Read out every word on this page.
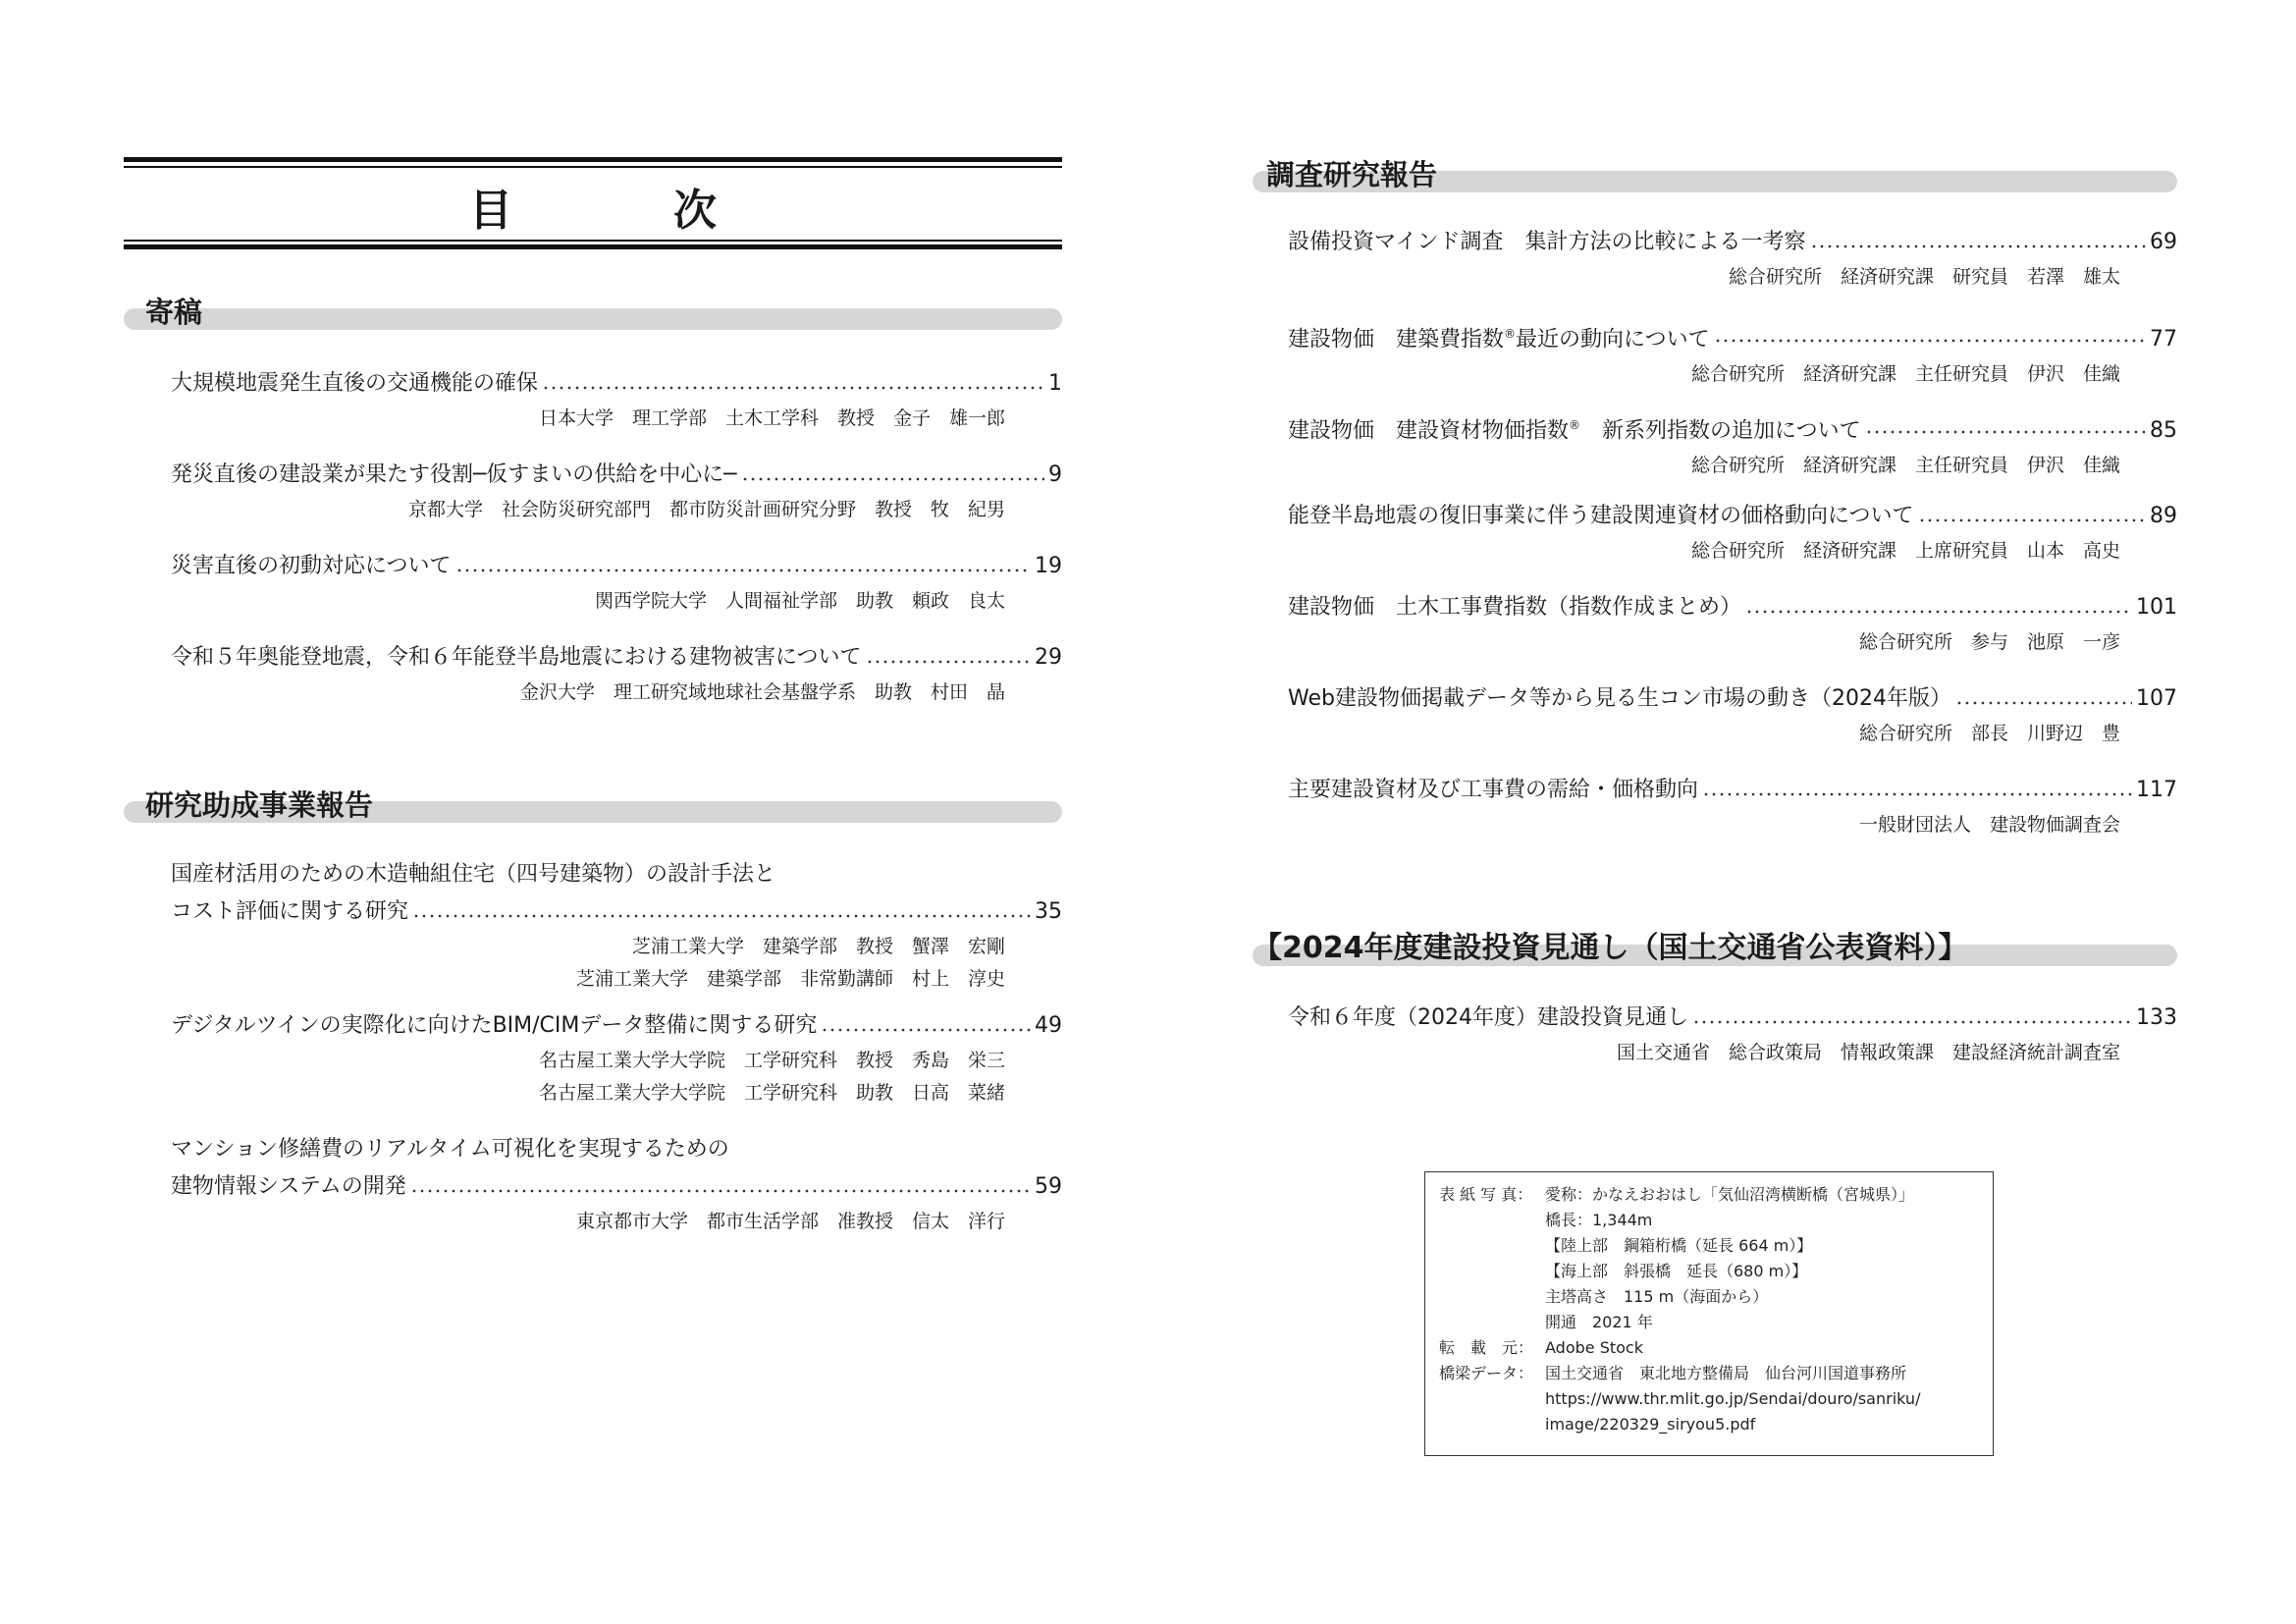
目　次
寄稿
大規模地震発生直後の交通機能の確保	1
日本大学　理工学部　土木工学科　教授　金子　雄一郎
発災直後の建設業が果たす役割─仮すまいの供給を中心に─	9
京都大学　社会防災研究部門　都市防災計画研究分野　教授　牧　紀男
災害直後の初動対応について	19
関西学院大学　人間福祉学部　助教　頼政　良太
令和５年奥能登地震，令和６年能登半島地震における建物被害について	29
金沢大学　理工研究域地球社会基盤学系　助教　村田　晶
研究助成事業報告
国産材活用のための木造軸組住宅（四号建築物）の設計手法と
コスト評価に関する研究	35
芝浦工業大学　建築学部　教授　蟹澤　宏剛
芝浦工業大学　建築学部　非常勤講師　村上　淳史
デジタルツインの実際化に向けたBIM/CIMデータ整備に関する研究	49
名古屋工業大学大学院　工学研究科　教授　秀島　栄三
名古屋工業大学大学院　工学研究科　助教　日高　菜緒
マンション修繕費のリアルタイム可視化を実現するための
建物情報システムの開発	59
東京都市大学　都市生活学部　准教授　信太　洋行
調査研究報告
設備投資マインド調査　集計方法の比較による一考察	69
総合研究所　経済研究課　研究員　若澤　雄太
建設物価　建築費指数®最近の動向について	77
総合研究所　経済研究課　主任研究員　伊沢　佳織
建設物価　建設資材物価指数®　 新系列指数の追加について	85
総合研究所　経済研究課　主任研究員　伊沢　佳織
能登半島地震の復旧事業に伴う建設関連資材の価格動向について	89
総合研究所　経済研究課　上席研究員　山本　高史
建設物価　土木工事費指数（指数作成まとめ）	101
総合研究所　参与　池原　一彦
Web建設物価掲載データ等から見る生コン市場の動き（2024年版）	107
総合研究所　部長　川野辺　豊
主要建設資材及び工事費の需給・価格動向	117
一般財団法人　建設物価調査会
【2024年度建設投資見通し（国土交通省公表資料）】
令和６年度（2024年度）建設投資見通し	133
国土交通省　総合政策局　情報政策課　建設経済統計調査室
表 紙 写 真： 愛称：かなえおおはし「気仙沼湾横断橋（宮城県）」
橋長：1,344m
【陸上部　鋼箱桁橋（延長 664 m）】
【海上部　斜張橋　延長（680 m）】
主塔高さ　115 m（海面から）
開通　2021 年
転　載　元： Adobe Stock
橋梁データ： 国土交通省　東北地方整備局　仙台河川国道事務所
https://www.thr.mlit.go.jp/Sendai/douro/sanriku/
image/220329_siryou5.pdf
